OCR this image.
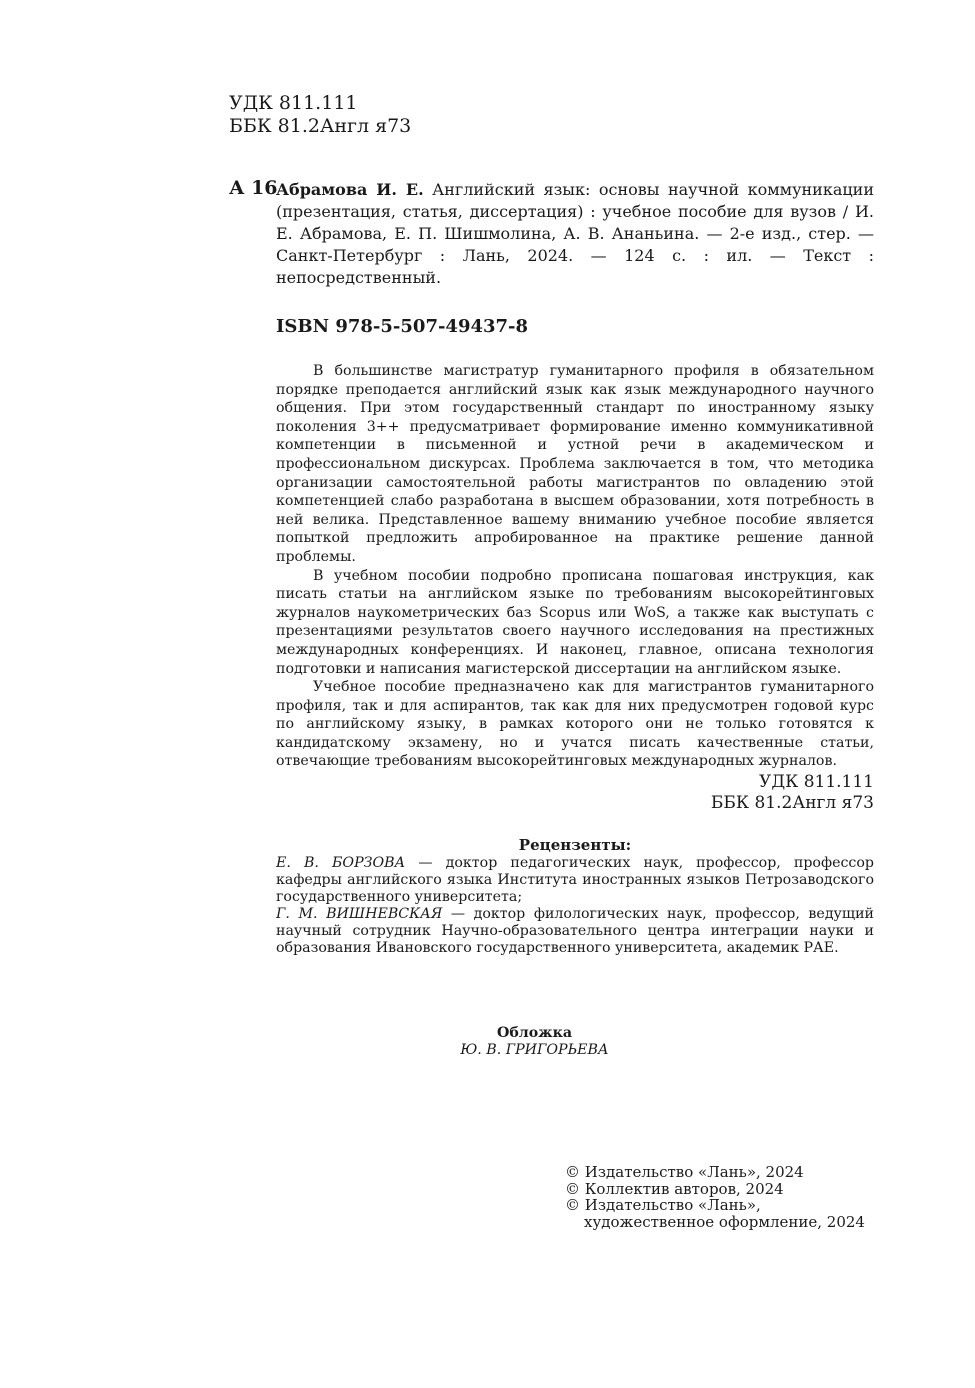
УДК 811.111
ББК 81.2Англ я73
А 16
Абрамова И. Е. Английский язык: основы научной коммуникации (презентация, статья, диссертация) : учебное пособие для вузов / И. Е. Абрамова, Е. П. Шишмолина, А. В. Ананьина. — 2-е изд., стер. — Санкт-Петербург : Лань, 2024. — 124 с. : ил. — Текст : непосредственный.
ISBN 978-5-507-49437-8

В большинстве магистратур гуманитарного профиля в обязательном порядке преподается английский язык как язык международного научного общения. При этом государственный стандарт по иностранному языку поколения 3++ предусматривает формирование именно коммуникативной компетенции в письменной и устной речи в академическом и профессиональном дискурсах. Проблема заключается в том, что методика организации самостоятельной работы магистрантов по овладению этой компетенцией слабо разработана в высшем образовании, хотя потребность в ней велика. Представленное вашему вниманию учебное пособие является попыткой предложить апробированное на практике решение данной проблемы.

В учебном пособии подробно прописана пошаговая инструкция, как писать статьи на английском языке по требованиям высокорейтинговых журналов наукометрических баз Scopus или WoS, а также как выступать с презентациями результатов своего научного исследования на престижных международных конференциях. И наконец, главное, описана технология подготовки и написания магистерской диссертации на английском языке.

Учебное пособие предназначено как для магистрантов гуманитарного профиля, так и для аспирантов, так как для них предусмотрен годовой курс по английскому языку, в рамках которого они не только готовятся к кандидатскому экзамену, но и учатся писать качественные статьи, отвечающие требованиям высокорейтинговых международных журналов.

УДК 811.111
ББК 81.2Англ я73
Рецензенты:

Е. В. БОРЗОВА — доктор педагогических наук, профессор, профессор кафедры английского языка Института иностранных языков Петрозаводского государственного университета;

Г. М. ВИШНЕВСКАЯ — доктор филологических наук, профессор, ведущий научный сотрудник Научно-образовательного центра интеграции науки и образования Ивановского государственного университета, академик РАЕ.

Обложка
Ю. В. ГРИГОРЬЕВА
© Издательство «Лань», 2024
© Коллектив авторов, 2024
© Издательство «Лань»,
художественное оформление, 2024
